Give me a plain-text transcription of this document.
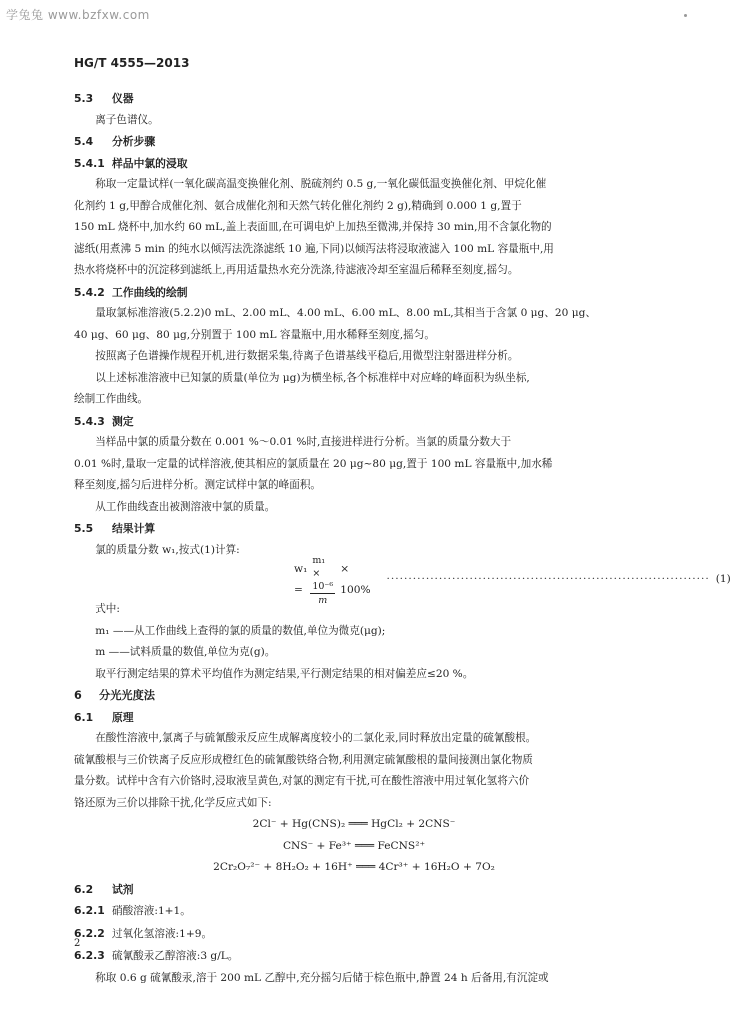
学兔兔 www.bzfxw.com
HG/T 4555—2013

5.3 仪器

离子色谱仪。

5.4 分析步骤

5.4.1 样品中氯的浸取

称取一定量试样(一氧化碳高温变换催化剂、脱硫剂约 0.5 g,一氧化碳低温变换催化剂、甲烷化催

化剂约 1 g,甲醇合成催化剂、氨合成催化剂和天然气转化催化剂约 2 g),精确到 0.000 1 g,置于

150 mL 烧杯中,加水约 60 mL,盖上表面皿,在可调电炉上加热至微沸,并保持 30 min,用不含氯化物的

滤纸(用煮沸 5 min 的纯水以倾泻法洗涤滤纸 10 遍,下同)以倾泻法将浸取液滤入 100 mL 容量瓶中,用

热水将烧杯中的沉淀移到滤纸上,再用适量热水充分洗涤,待滤液冷却至室温后稀释至刻度,摇匀。

5.4.2 工作曲线的绘制

量取氯标准溶液(5.2.2)0 mL、2.00 mL、4.00 mL、6.00 mL、8.00 mL,其相当于含氯 0 μg、20 μg、

40 μg、60 μg、80 μg,分别置于 100 mL 容量瓶中,用水稀释至刻度,摇匀。

按照离子色谱操作规程开机,进行数据采集,待离子色谱基线平稳后,用微型注射器进样分析。

以上述标准溶液中已知氯的质量(单位为 μg)为横坐标,各个标准样中对应峰的峰面积为纵坐标,

绘制工作曲线。

5.4.3 测定

当样品中氯的质量分数在 0.001 %～0.01 %时,直接进样进行分析。当氯的质量分数大于

0.01 %时,量取一定量的试样溶液,使其相应的氯质量在 20 μg~80 μg,置于 100 mL 容量瓶中,加水稀

释至刻度,摇匀后进样分析。测定试样中氯的峰面积。

从工作曲线查出被测溶液中氯的质量。

5.5 结果计算

氯的质量分数 w₁,按式(1)计算:

$w_1 = \frac{\text{m₁ × 10⁻⁶}}{m} \times 100\%$
·········································································· (1)

式中:

m₁ ——从工作曲线上查得的氯的质量的数值,单位为微克(μg);

m ——试料质量的数值,单位为克(g)。

取平行测定结果的算术平均值作为测定结果,平行测定结果的相对偏差应≤20 %。

6 分光光度法

6.1 原理

在酸性溶液中,氯离子与硫氰酸汞反应生成解离度较小的二氯化汞,同时释放出定量的硫氰酸根。

硫氰酸根与三价铁离子反应形成橙红色的硫氰酸铁络合物,利用测定硫氰酸根的量间接测出氯化物质

量分数。试样中含有六价铬时,浸取液呈黄色,对氯的测定有干扰,可在酸性溶液中用过氧化氢将六价

铬还原为三价以排除干扰,化学反应式如下:

2Cl⁻ + Hg(CNS)₂ ═══ HgCl₂ + 2CNS⁻

CNS⁻ + Fe³⁺ ═══ FeCNS²⁺

2Cr₂O₇²⁻ + 8H₂O₂ + 16H⁺ ═══ 4Cr³⁺ + 16H₂O + 7O₂

6.2 试剂

6.2.1 硝酸溶液:1+1。

6.2.2 过氧化氢溶液:1+9。

6.2.3 硫氰酸汞乙醇溶液:3 g/L。

称取 0.6 g 硫氰酸汞,溶于 200 mL 乙醇中,充分摇匀后储于棕色瓶中,静置 24 h 后备用,有沉淀或

2
